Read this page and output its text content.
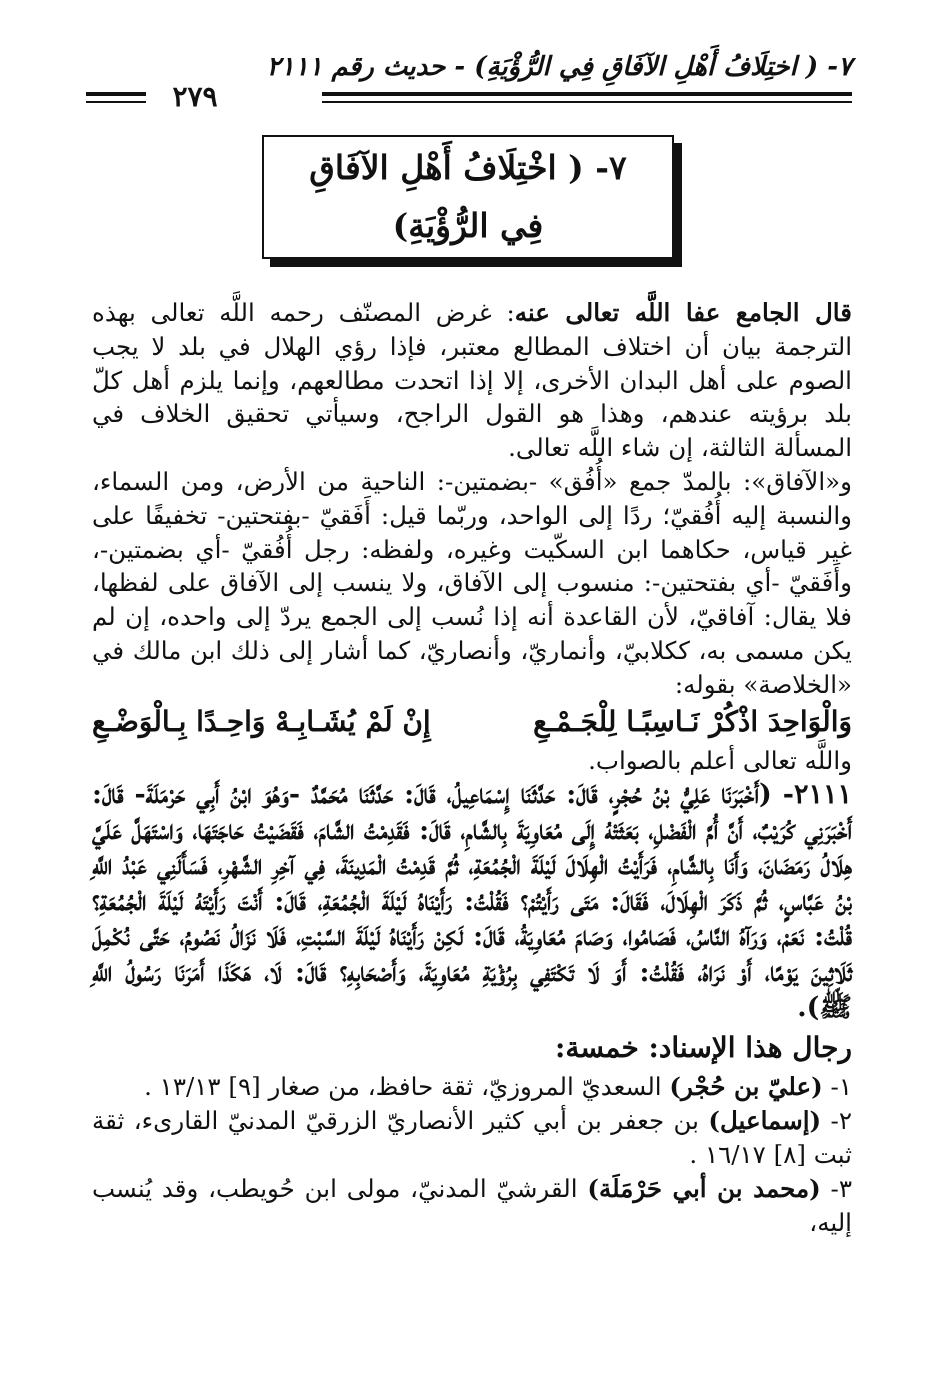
٧- ( اختِلَافُ أَهْلِ الآفَاقِ فِي الرُّؤْيَةِ) - حديث رقم ٢١١١
٢٧٩
٧- ( اخْتِلَافُ أَهْلِ الآفَاقِ فِي الرُّؤْيَةِ)

قال الجامع عفا اللَّه تعالى عنه: غرض المصنّف رحمه اللَّه تعالى بهذه الترجمة بيان أن اختلاف المطالع معتبر، فإذا رؤي الهلال في بلد لا يجب الصوم على أهل البدان الأخرى، إلا إذا اتحدت مطالعهم، وإنما يلزم أهل كلّ بلد برؤيته عندهم، وهذا هو القول الراجح، وسيأتي تحقيق الخلاف في المسألة الثالثة، إن شاء اللَّه تعالى.

و«الآفاق»: بالمدّ جمع «أُفُق» -بضمتين-: الناحية من الأرض، ومن السماء، والنسبة إليه أُفُقيّ؛ ردًا إلى الواحد، وربّما قيل: أَفَقيّ -بفتحتين- تخفيفًا على غير قياس، حكاهما ابن السكّيت وغيره، ولفظه: رجل أُفُقيّ -أي بضمتين-، وأَفَقيّ -أي بفتحتين-: منسوب إلى الآفاق، ولا ينسب إلى الآفاق على لفظها، فلا يقال: آفاقيّ، لأن القاعدة أنه إذا نُسب إلى الجمع يردّ إلى واحده، إن لم يكن مسمى به، ككلابيّ، وأنماريّ، وأنصاريّ، كما أشار إلى ذلك ابن مالك في «الخلاصة» بقوله:

وَالْوَاحِدَ اذْكُرْ نَـاسِبًـا لِلْجَـمْـعِ
إِنْ لَمْ يُشَـابِـهْ وَاحِـدًا بِـالْوَضْـعِ

واللَّه تعالى أعلم بالصواب.

٢١١١- (أَخْبَرَنَا عَلِيُّ بْنُ حُجْرٍ، قَالَ: حَدَّثَنَا إِسْمَاعِيلُ، قَالَ: حَدَّثَنَا مُحَمَّدٌ -وَهُوَ ابْنُ أَبِي حَرْمَلَةَ- قَالَ: أَخْبَرَنِي كُرَيْبٌ، أَنَّ أُمَّ الْفَضْلِ، بَعَثَتْهُ إِلَى مُعَاوِيَةَ بِالشَّامِ، قَالَ: فَقَدِمْتُ الشَّامَ، فَقَضَيْتُ حَاجَتَهَا، وَاسْتَهَلَّ عَلَيَّ هِلَالُ رَمَضَانَ، وَأَنَا بِالشَّامِ، فَرَأَيْتُ الْهِلَالَ لَيْلَةَ الْجُمُعَةِ، ثُمَّ قَدِمْتُ الْمَدِينَةَ، فِي آخِرِ الشَّهْرِ، فَسَأَلَنِي عَبْدُ اللَّهِ بْنُ عَبَّاسٍ، ثُمَّ ذَكَرَ الْهِلَالَ، فَقَالَ: مَتَى رَأَيْتُمْ؟ فَقُلْتُ: رَأَيْنَاهُ لَيْلَةَ الْجُمُعَةِ، قَالَ: أَنْتَ رَأَيْتَهُ لَيْلَةَ الْجُمُعَةِ؟ قُلْتُ: نَعَمْ، وَرَآهُ النَّاسُ، فَصَامُوا، وَصَامَ مُعَاوِيَةُ، قَالَ: لَكِنْ رَأَيْنَاهُ لَيْلَةَ السَّبْتِ، فَلَا نَزَالُ نَصُومُ، حَتَّى نُكْمِلَ ثَلَاثِينَ يَوْمًا، أَوْ نَرَاهُ، فَقُلْتُ: أَوَ لَا تَكْتَفِي بِرُؤْيَةِ مُعَاوِيَةَ، وَأَصْحَابِهِ؟ قَالَ: لَا، هَكَذَا أَمَرَنَا رَسُولُ اللَّهِ ﷺ).

رجال هذا الإسناد: خمسة:

١- (عليّ بن حُجْر) السعديّ المروزيّ، ثقة حافظ، من صغار [٩] ١٣/١٣ .

٢- (إسماعيل) بن جعفر بن أبي كثير الأنصاريّ الزرقيّ المدنيّ القارىء، ثقة ثبت [٨] ١٦/١٧ .

٣- (محمد بن أبي حَرْمَلَة) القرشيّ المدنيّ، مولى ابن حُويطب، وقد يُنسب إليه،
